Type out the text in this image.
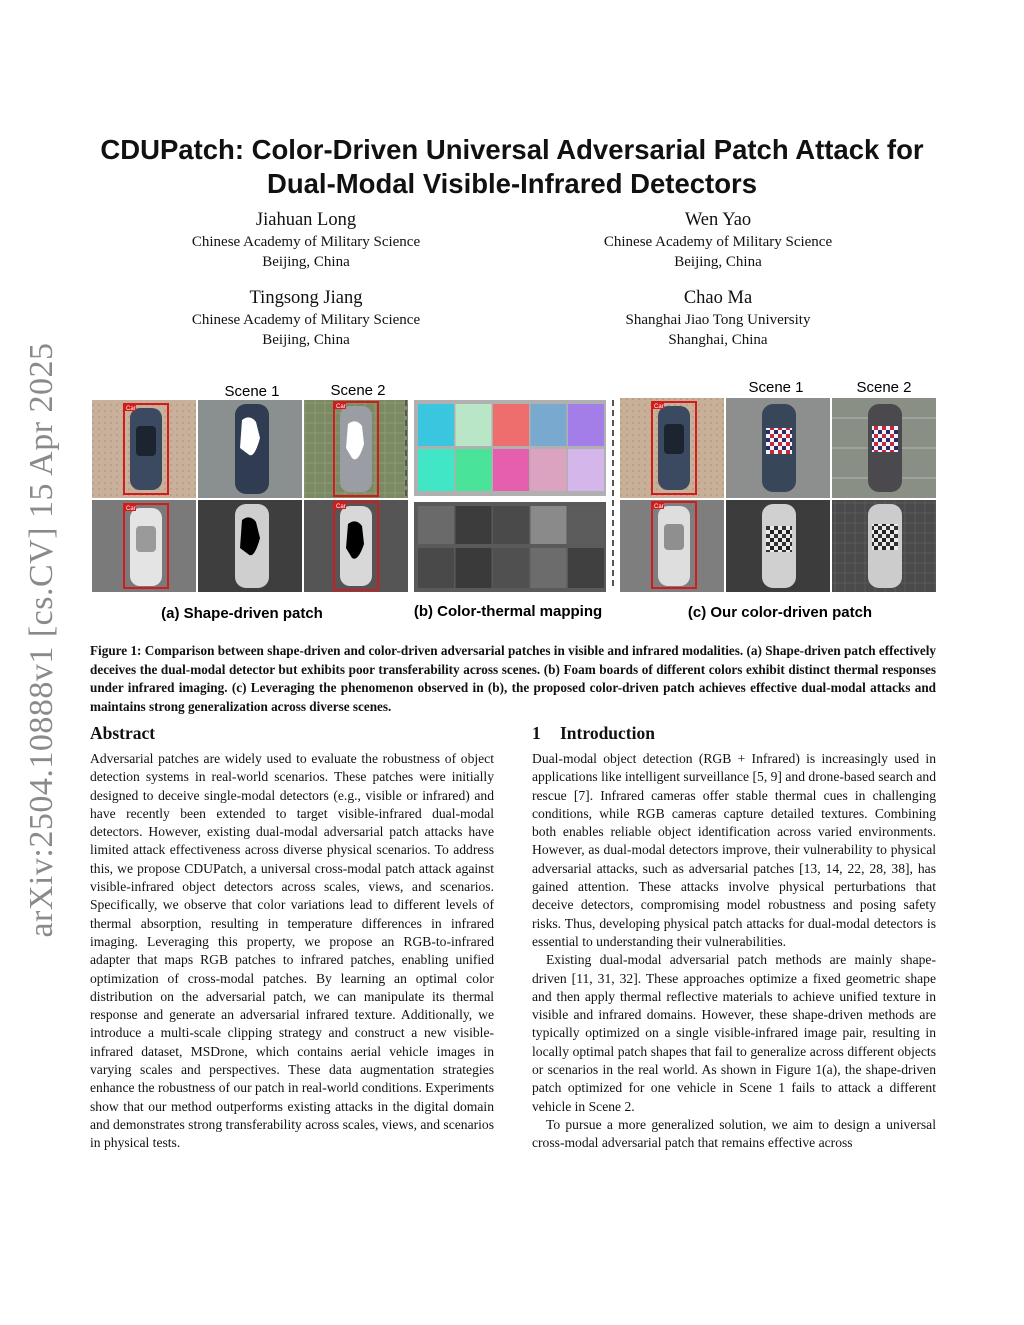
arXiv:2504.10888v1 [cs.CV] 15 Apr 2025
CDUPatch: Color-Driven Universal Adversarial Patch Attack for Dual-Modal Visible-Infrared Detectors
Jiahuan Long
Chinese Academy of Military Science
Beijing, China
Wen Yao
Chinese Academy of Military Science
Beijing, China
Tingsong Jiang
Chinese Academy of Military Science
Beijing, China
Chao Ma
Shanghai Jiao Tong University
Shanghai, China
Scene 1	Scene 2
Car	Car
Car	Car
Scene 1	Scene 2
Car
Car
(a) Shape-driven patch	(b) Color-thermal mapping	(c) Our color-driven patch

Figure 1: Comparison between shape-driven and color-driven adversarial patches in visible and infrared modalities. (a) Shape-driven patch effectively deceives the dual-modal detector but exhibits poor transferability across scenes. (b) Foam boards of different colors exhibit distinct thermal responses under infrared imaging. (c) Leveraging the phenomenon observed in (b), the proposed color-driven patch achieves effective dual-modal attacks and maintains strong generalization across diverse scenes.

Abstract

Adversarial patches are widely used to evaluate the robustness of object detection systems in real-world scenarios. These patches were initially designed to deceive single-modal detectors (e.g., visible or infrared) and have recently been extended to target visible-infrared dual-modal detectors. However, existing dual-modal adversarial patch attacks have limited attack effectiveness across diverse physical scenarios. To address this, we propose CDUPatch, a universal cross-modal patch attack against visible-infrared object detectors across scales, views, and scenarios. Specifically, we observe that color variations lead to different levels of thermal absorption, resulting in temperature differences in infrared imaging. Leveraging this property, we propose an RGB-to-infrared adapter that maps RGB patches to infrared patches, enabling unified optimization of cross-modal patches. By learning an optimal color distribution on the adversarial patch, we can manipulate its thermal response and generate an adversarial infrared texture. Additionally, we introduce a multi-scale clipping strategy and construct a new visible-infrared dataset, MSDrone, which contains aerial vehicle images in varying scales and perspectives. These data augmentation strategies enhance the robustness of our patch in real-world conditions. Experiments show that our method outperforms existing attacks in the digital domain and demonstrates strong transferability across scales, views, and scenarios in physical tests.

1 Introduction

Dual-modal object detection (RGB + Infrared) is increasingly used in applications like intelligent surveillance [5, 9] and drone-based search and rescue [7]. Infrared cameras offer stable thermal cues in challenging conditions, while RGB cameras capture detailed textures. Combining both enables reliable object identification across varied environments. However, as dual-modal detectors improve, their vulnerability to physical adversarial attacks, such as adversarial patches [13, 14, 22, 28, 38], has gained attention. These attacks involve physical perturbations that deceive detectors, compromising model robustness and posing safety risks. Thus, developing physical patch attacks for dual-modal detectors is essential to understanding their vulnerabilities.

Existing dual-modal adversarial patch methods are mainly shape-driven [11, 31, 32]. These approaches optimize a fixed geometric shape and then apply thermal reflective materials to achieve unified texture in visible and infrared domains. However, these shape-driven methods are typically optimized on a single visible-infrared image pair, resulting in locally optimal patch shapes that fail to generalize across different objects or scenarios in the real world. As shown in Figure 1(a), the shape-driven patch optimized for one vehicle in Scene 1 fails to attack a different vehicle in Scene 2.

To pursue a more generalized solution, we aim to design a universal cross-modal adversarial patch that remains effective across
